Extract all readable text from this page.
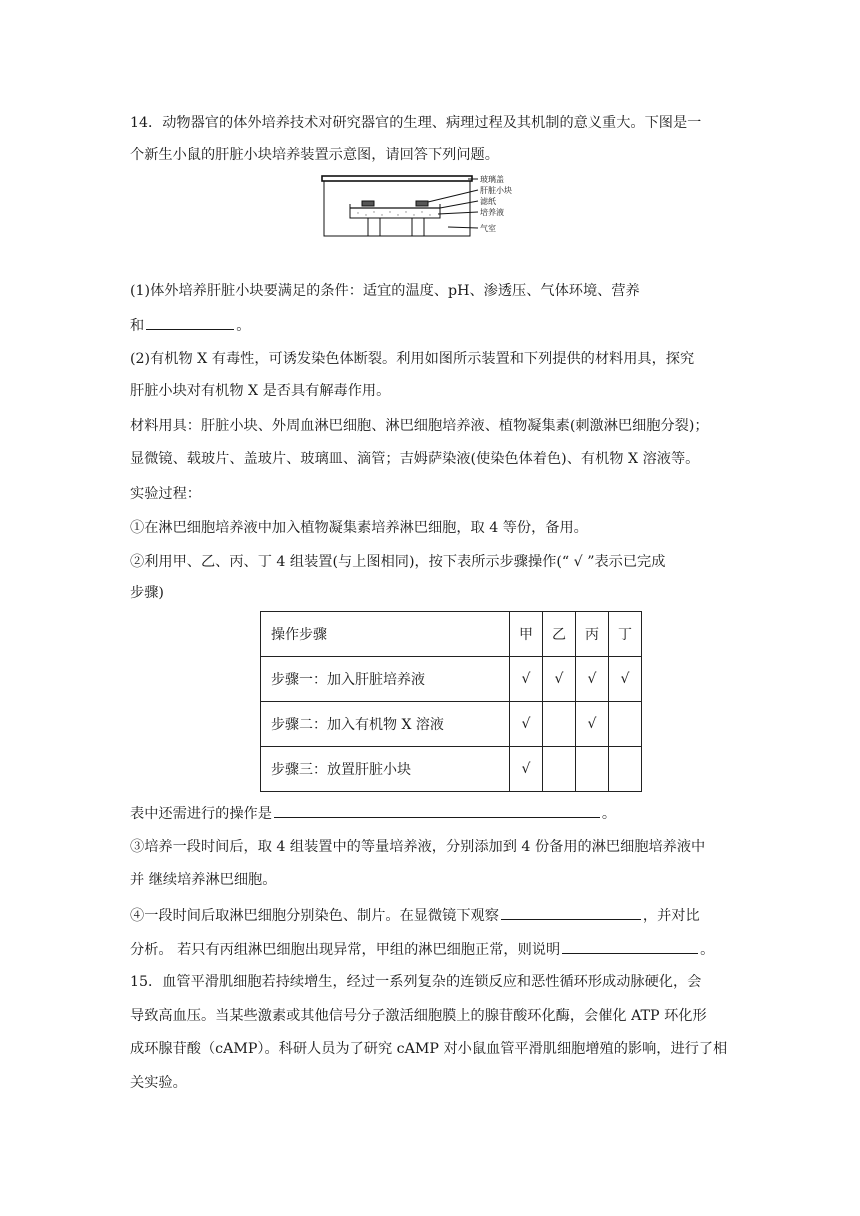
14．动物器官的体外培养技术对研究器官的生理、病理过程及其机制的意义重大。下图是一
个新生小鼠的肝脏小块培养装置示意图，请回答下列问题。
玻璃盖
肝脏小块
滤纸
培养液
气室
(1)体外培养肝脏小块要满足的条件：适宜的温度、pH、渗透压、气体环境、营养
和	。
(2)有机物 X 有毒性，可诱发染色体断裂。利用如图所示装置和下列提供的材料用具，探究
肝脏小块对有机物 X 是否具有解毒作用。
材料用具：肝脏小块、外周血淋巴细胞、淋巴细胞培养液、植物凝集素(刺激淋巴细胞分裂)；
显微镜、载玻片、盖玻片、玻璃皿、滴管；吉姆萨染液(使染色体着色)、有机物 X 溶液等。
实验过程：
①在淋巴细胞培养液中加入植物凝集素培养淋巴细胞，取 4 等份，备用。
②利用甲、乙、丙、丁 4 组装置(与上图相同)，按下表所示步骤操作(“ √ ”表示已完成
步骤)
操作步骤	甲	乙	丙	丁
步骤一：加入肝脏培养液	√	√	√	√
步骤二：加入有机物 X 溶液	√		√	
步骤三：放置肝脏小块	√			
表中还需进行的操作是	。
③培养一段时间后，取 4 组装置中的等量培养液，分别添加到 4 份备用的淋巴细胞培养液中
并 继续培养淋巴细胞。
④一段时间后取淋巴细胞分别染色、制片。在显微镜下观察	，并对比
分析。 若只有丙组淋巴细胞出现异常，甲组的淋巴细胞正常，则说明	。
15．血管平滑肌细胞若持续增生，经过一系列复杂的连锁反应和恶性循环形成动脉硬化，会
导致高血压。当某些激素或其他信号分子激活细胞膜上的腺苷酸环化酶，会催化 ATP 环化形
成环腺苷酸（cAMP）。科研人员为了研究 cAMP 对小鼠血管平滑肌细胞增殖的影响，进行了相
关实验。
